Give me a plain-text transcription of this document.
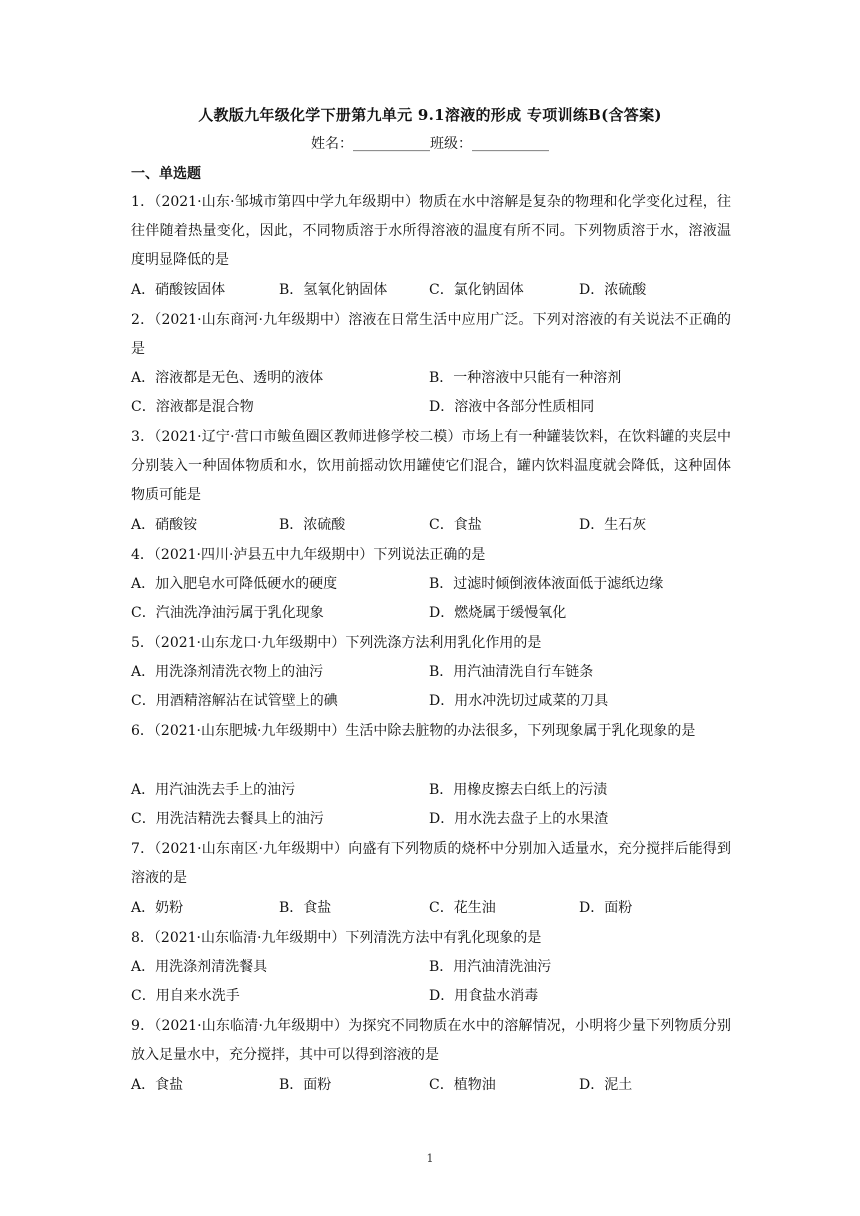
人教版九年级化学下册第九单元 9.1溶液的形成 专项训练B(含答案)
姓名：___________班级：___________
一、单选题
1．（2021·山东·邹城市第四中学九年级期中）物质在水中溶解是复杂的物理和化学变化过程，往往伴随着热量变化，因此，不同物质溶于水所得溶液的温度有所不同。下列物质溶于水，溶液温度明显降低的是
A．硝酸铵固体	B．氢氧化钠固体	C．氯化钠固体	D．浓硫酸
2．（2021·山东商河·九年级期中）溶液在日常生活中应用广泛。下列对溶液的有关说法不正确的是
A．溶液都是无色、透明的液体	B．一种溶液中只能有一种溶剂
C．溶液都是混合物	D．溶液中各部分性质相同
3．（2021·辽宁·营口市鲅鱼圈区教师进修学校二模）市场上有一种罐装饮料，在饮料罐的夹层中分别装入一种固体物质和水，饮用前摇动饮用罐使它们混合，罐内饮料温度就会降低，这种固体物质可能是
A．硝酸铵	B．浓硫酸	C．食盐	D．生石灰
4．（2021·四川·泸县五中九年级期中）下列说法正确的是
A．加入肥皂水可降低硬水的硬度	B．过滤时倾倒液体液面低于滤纸边缘
C．汽油洗净油污属于乳化现象	D．燃烧属于缓慢氧化
5．（2021·山东龙口·九年级期中）下列洗涤方法利用乳化作用的是
A．用洗涤剂清洗衣物上的油污	B．用汽油清洗自行车链条
C．用酒精溶解沾在试管壁上的碘	D．用水冲洗切过咸菜的刀具
6．（2021·山东肥城·九年级期中）生活中除去脏物的办法很多，下列现象属于乳化现象的是
A．用汽油洗去手上的油污	B．用橡皮擦去白纸上的污渍
C．用洗洁精洗去餐具上的油污	D．用水洗去盘子上的水果渣
7．（2021·山东南区·九年级期中）向盛有下列物质的烧杯中分别加入适量水，充分搅拌后能得到溶液的是
A．奶粉	B．食盐	C．花生油	D．面粉
8．（2021·山东临清·九年级期中）下列清洗方法中有乳化现象的是
A．用洗涤剂清洗餐具	B．用汽油清洗油污
C．用自来水洗手	D．用食盐水消毒
9．（2021·山东临清·九年级期中）为探究不同物质在水中的溶解情况，小明将少量下列物质分别放入足量水中，充分搅拌，其中可以得到溶液的是
A．食盐	B．面粉	C．植物油	D．泥土
1
